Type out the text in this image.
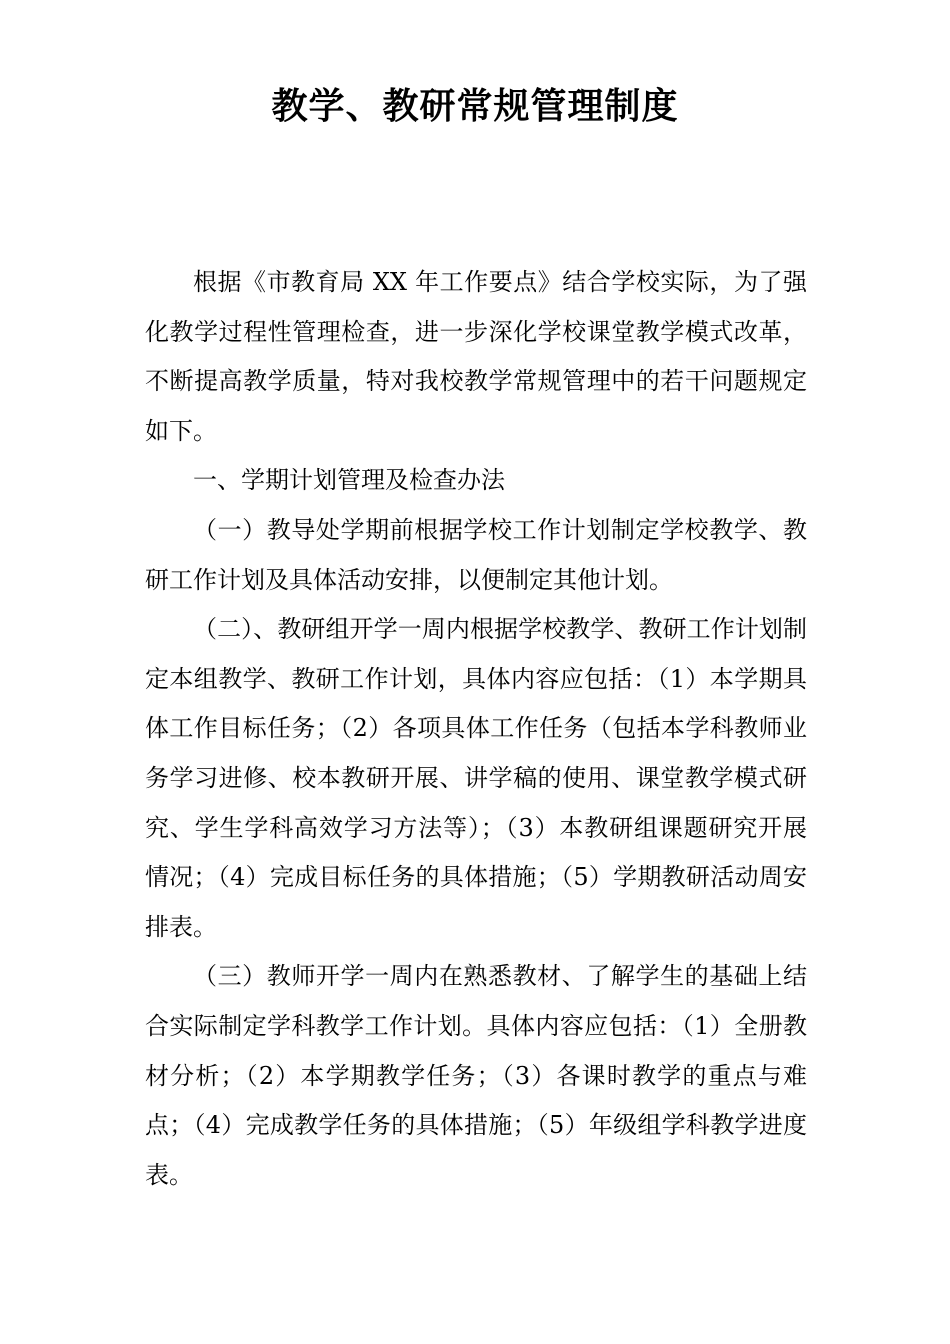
教学、教研常规管理制度

根据《市教育局 XX 年工作要点》结合学校实际，为了强化教学过程性管理检查，进一步深化学校课堂教学模式改革，不断提高教学质量，特对我校教学常规管理中的若干问题规定如下。

一、学期计划管理及检查办法

（一）教导处学期前根据学校工作计划制定学校教学、教研工作计划及具体活动安排，以便制定其他计划。

（二）、教研组开学一周内根据学校教学、教研工作计划制定本组教学、教研工作计划，具体内容应包括：（1）本学期具体工作目标任务；（2）各项具体工作任务（包括本学科教师业务学习进修、校本教研开展、讲学稿的使用、课堂教学模式研究、学生学科高效学习方法等）；（3）本教研组课题研究开展情况；（4）完成目标任务的具体措施；（5）学期教研活动周安排表。

（三）教师开学一周内在熟悉教材、了解学生的基础上结合实际制定学科教学工作计划。具体内容应包括：（1）全册教材分析；（2）本学期教学任务；（3）各课时教学的重点与难点；（4）完成教学任务的具体措施；（5）年级组学科教学进度表。
